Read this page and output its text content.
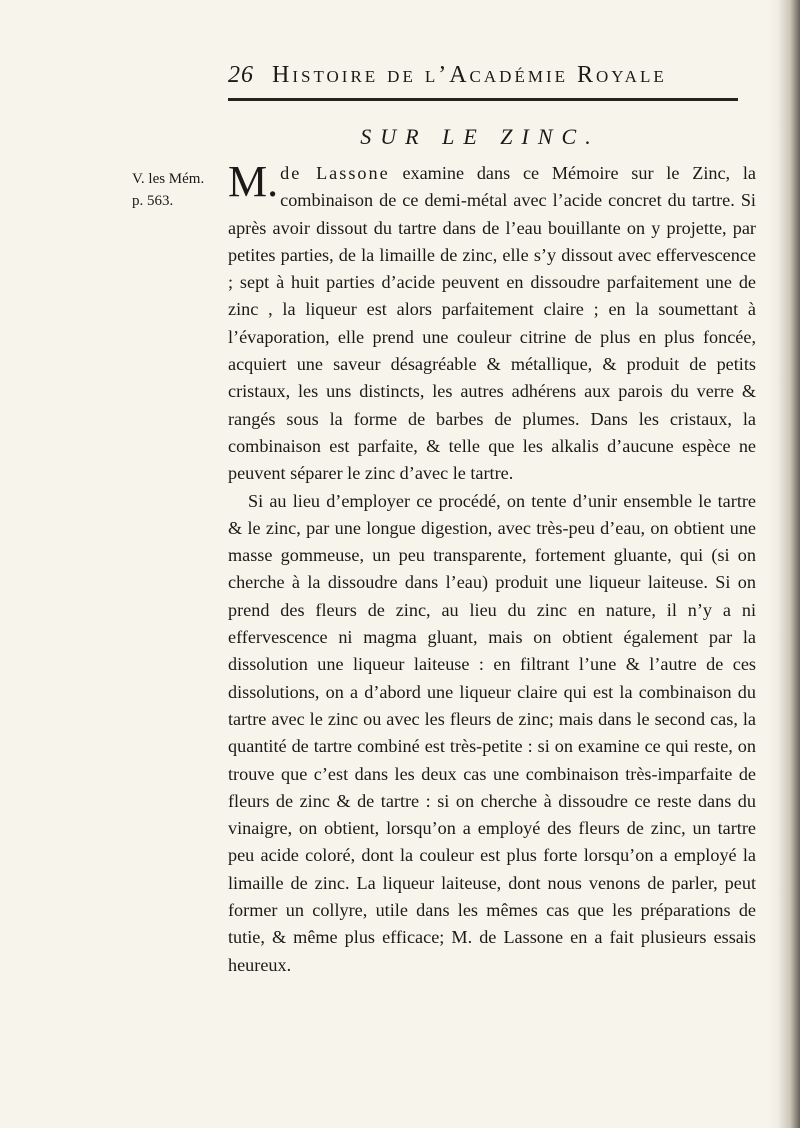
26 Histoire de l’Académie Royale
SUR LE ZINC.
V. les Mém.
p. 563.	M. de Lassone examine dans ce Mémoire sur le Zinc, la combinaison de ce demi-métal avec l’acide concret du tartre. Si après avoir dissout du tartre dans de l’eau bouillante on y projette, par petites parties, de la limaille de zinc, elle s’y dissout avec effervescence ; sept à huit parties d’acide peuvent en dissoudre parfaitement une de zinc , la liqueur est alors parfaitement claire ; en la soumettant à l’évaporation, elle prend une couleur citrine de plus en plus foncée, acquiert une saveur désagréable & métallique, & produit de petits cristaux, les uns distincts, les autres adhérens aux parois du verre & rangés sous la forme de barbes de plumes. Dans les cristaux, la combinaison est parfaite, & telle que les alkalis d’aucune espèce ne peuvent séparer le zinc d’avec le tartre.

Si au lieu d’employer ce procédé, on tente d’unir ensemble le tartre & le zinc, par une longue digestion, avec très-peu d’eau, on obtient une masse gommeuse, un peu transparente, fortement gluante, qui (si on cherche à la dissoudre dans l’eau) produit une liqueur laiteuse. Si on prend des fleurs de zinc, au lieu du zinc en nature, il n’y a ni effervescence ni magma gluant, mais on obtient également par la dissolution une liqueur laiteuse : en filtrant l’une & l’autre de ces dissolutions, on a d’abord une liqueur claire qui est la combinaison du tartre avec le zinc ou avec les fleurs de zinc; mais dans le second cas, la quantité de tartre combiné est très-petite : si on examine ce qui reste, on trouve que c’est dans les deux cas une combinaison très-imparfaite de fleurs de zinc & de tartre : si on cherche à dissoudre ce reste dans du vinaigre, on obtient, lorsqu’on a employé des fleurs de zinc, un tartre peu acide coloré, dont la couleur est plus forte lorsqu’on a employé la limaille de zinc. La liqueur laiteuse, dont nous venons de parler, peut former un collyre, utile dans les mêmes cas que les préparations de tutie, & même plus efficace; M. de Lassone en a fait plusieurs essais heureux.
